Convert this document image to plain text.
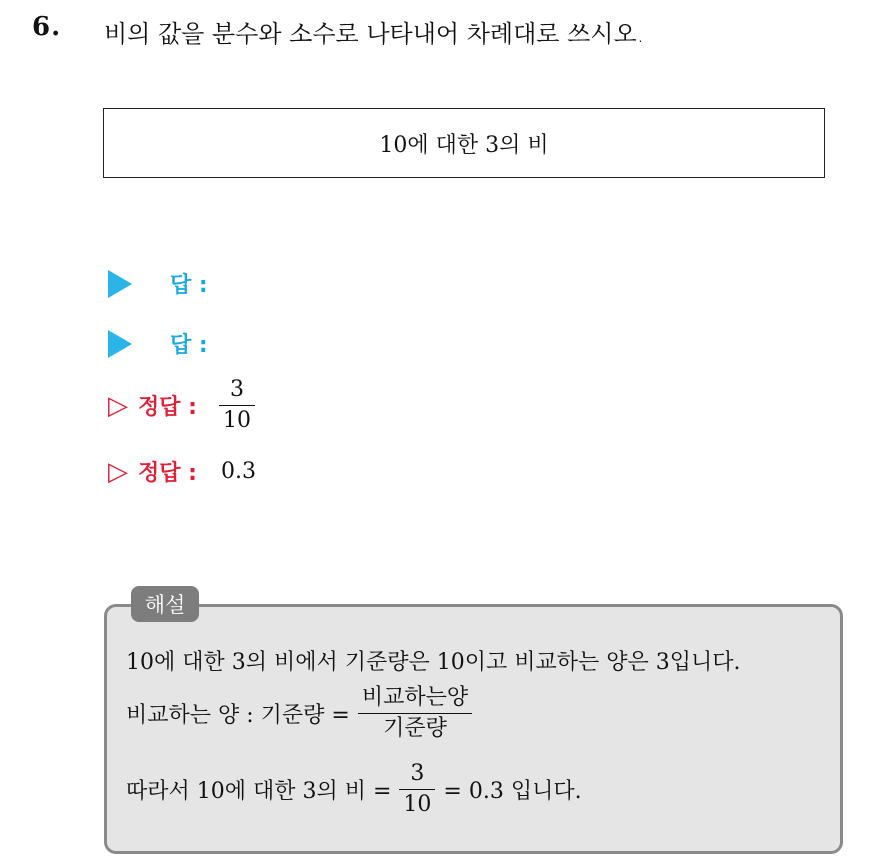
6. 비의 값을 분수와 소수로 나타내어 차례대로 쓰시오.
10에 대한 3의 비
답 :
답 :
▷ 정답 : $\frac{3}{10}$
▷ 정답 : 0.3
해설
10에 대한 3의 비에서 기준량은 10이고 비교하는 양은 3입니다.
비교하는 양 : 기준량 = $\frac{\text{비교하는양}}{\text{기준량}}$
따라서 10에 대한 3의 비 = $\frac{3}{10} = 0.3$ 입니다.
